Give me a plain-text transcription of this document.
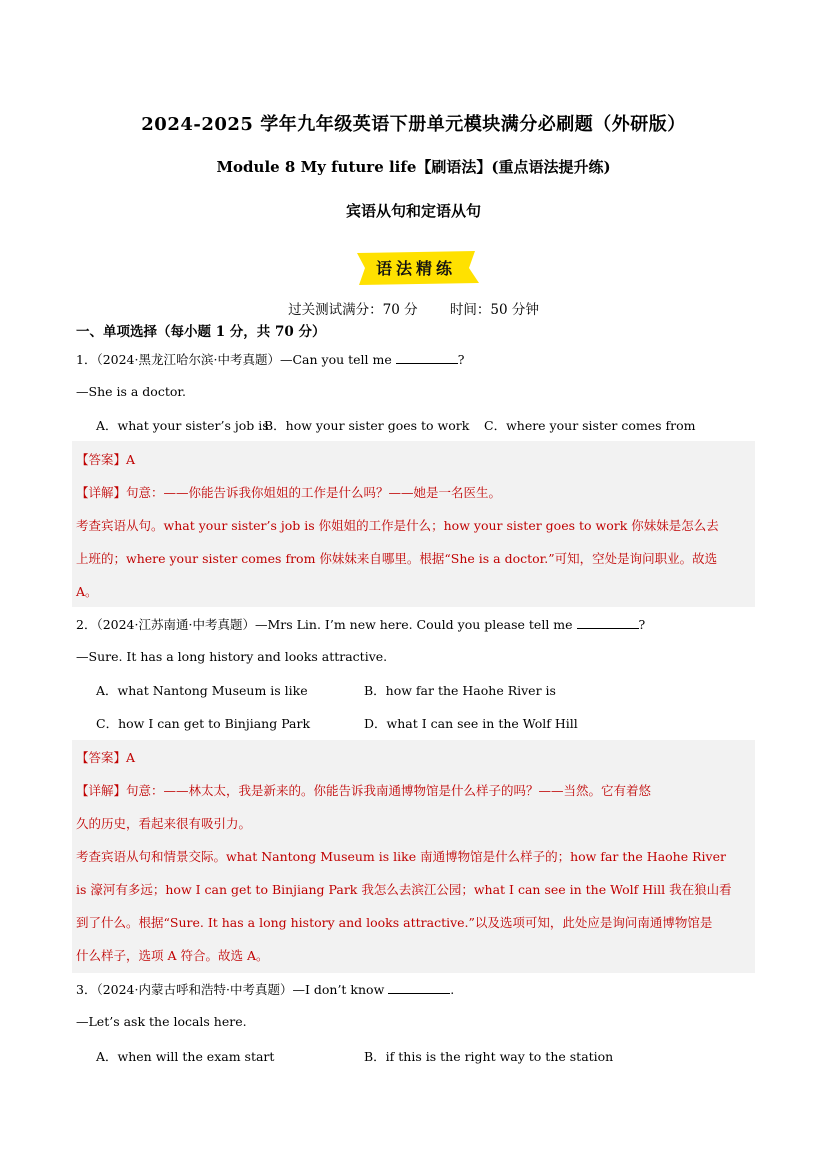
2024-2025 学年九年级英语下册单元模块满分必刷题（外研版）
Module 8 My future life【刷语法】(重点语法提升练)
宾语从句和定语从句
语法精练
过关测试满分：70 分 时间：50 分钟
一、单项选择（每小题 1 分，共 70 分）
1．（2024·黑龙江哈尔滨·中考真题）—Can you tell me	?
—She is a doctor.
A．what your sister’s job is
B．how your sister goes to work C．where your sister comes from
【答案】A
【详解】句意：——你能告诉我你姐姐的工作是什么吗？——她是一名医生。
考查宾语从句。what your sister’s job is 你姐姐的工作是什么；how your sister goes to work 你妹妹是怎么去
上班的；where your sister comes from 你妹妹来自哪里。根据“She is a doctor.”可知，空处是询问职业。故选
A。
2．（2024·江苏南通·中考真题）—Mrs Lin. I’m new here. Could you please tell me	?
—Sure. It has a long history and looks attractive.
A．what Nantong Museum is like	B．how far the Haohe River is
C．how I can get to Binjiang Park	D．what I can see in the Wolf Hill
【答案】A
【详解】句意：——林太太，我是新来的。你能告诉我南通博物馆是什么样子的吗？——当然。它有着悠
久的历史，看起来很有吸引力。
考查宾语从句和情景交际。what Nantong Museum is like 南通博物馆是什么样子的；how far the Haohe River
is 濠河有多远；how I can get to Binjiang Park 我怎么去滨江公园；what I can see in the Wolf Hill 我在狼山看
到了什么。根据“Sure. It has a long history and looks attractive.”以及选项可知，此处应是询问南通博物馆是
什么样子，选项 A 符合。故选 A。
3．（2024·内蒙古呼和浩特·中考真题）—I don’t know	.
—Let’s ask the locals here.
A．when will the exam start	B．if this is the right way to the station
